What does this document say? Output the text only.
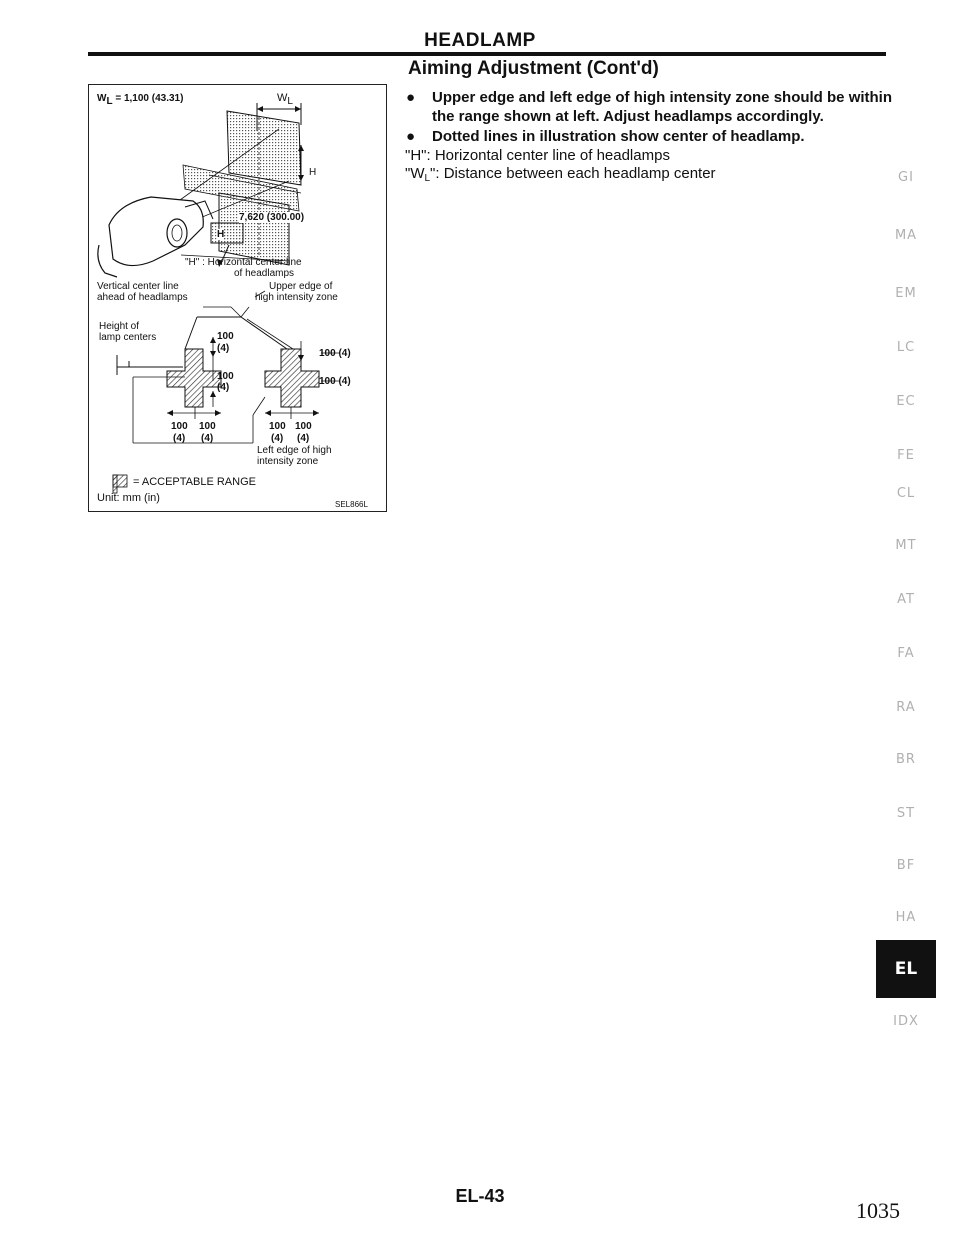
HEADLAMP
Aiming Adjustment (Cont'd)
WL = 1,100 (43.31)	WL
H
7,620 (300.00)
H
"H" : Horizontal center line
of headlamps
Vertical center line
ahead of headlamps
Upper edge of
high intensity zone
Height of
lamp centers	100
(4)	100 (4)
100 (4)
100
(4)
100 100	100 100
(4) (4)	(4) (4)
Left edge of high
intensity zone
= ACCEPTABLE RANGE
Unit: mm (in)
SEL866L
● Upper edge and left edge of high intensity zone should be within the range shown at left. Adjust headlamps accordingly.
● Dotted lines in illustration show center of headlamp.
"H": Horizontal center line of headlamps
"$W_L$": Distance between each headlamp center	GI
MA
EM
LC
EC
FE
CL
MT
AT
FA
RA
BR
ST
BF
HA
EL
IDX
EL-43
1035
